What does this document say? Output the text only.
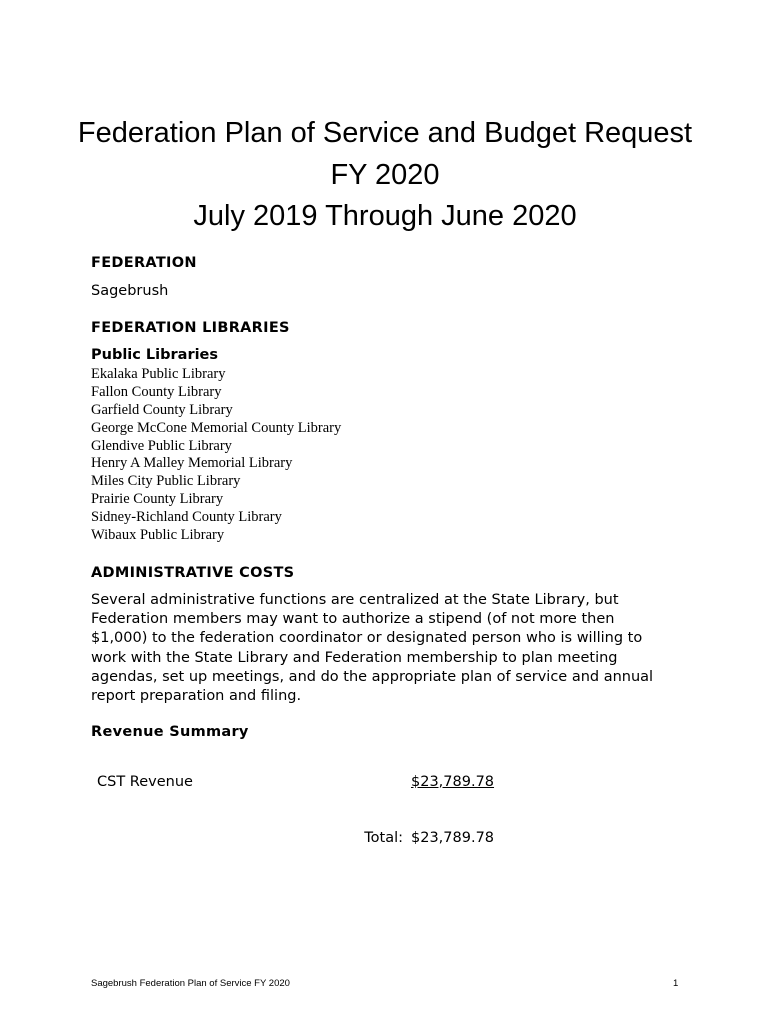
Federation Plan of Service and Budget Request
FY 2020
July 2019 Through June 2020
FEDERATION
Sagebrush
FEDERATION LIBRARIES
Public Libraries
Ekalaka Public Library
Fallon County Library
Garfield County Library
George McCone Memorial County Library
Glendive Public Library
Henry A Malley Memorial Library
Miles City Public Library
Prairie County Library
Sidney-Richland County Library
Wibaux Public Library
ADMINISTRATIVE COSTS
Several administrative functions are centralized at the State Library, but
Federation members may want to authorize a stipend (of not more then
$1,000) to the federation coordinator or designated person who is willing to
work with the State Library and Federation membership to plan meeting
agendas, set up meetings, and do the appropriate plan of service and annual
report preparation and filing.
Revenue Summary
CST Revenue	$23,789.78
Total: $23,789.78
Sagebrush Federation Plan of Service FY 2020	1
